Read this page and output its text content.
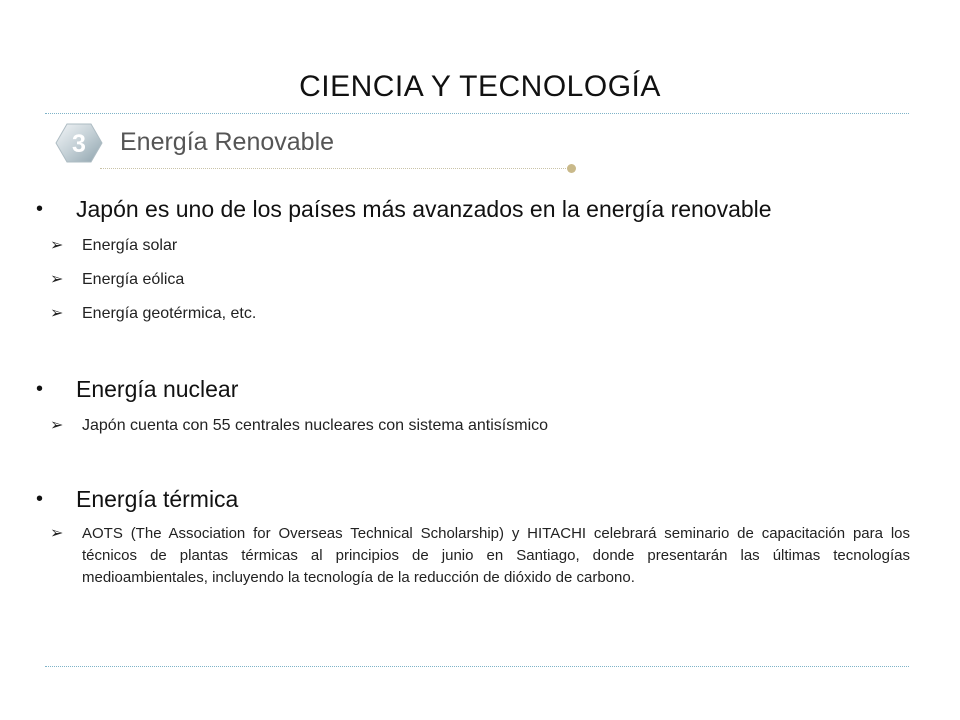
CIENCIA Y TECNOLOGÍA
3 Energía Renovable
• Japón es uno de los países más avanzados en la energía renovable
➢ Energía solar
➢ Energía eólica
➢ Energía geotérmica, etc.
• Energía nuclear
➢ Japón cuenta con 55 centrales nucleares con sistema antisísmico
• Energía térmica
➢ AOTS (The Association for Overseas Technical Scholarship) y HITACHI celebrará seminario de capacitación para los técnicos de plantas térmicas al principios de junio en Santiago, donde presentarán las últimas tecnologías medioambientales, incluyendo la tecnología de la reducción de dióxido de carbono.
